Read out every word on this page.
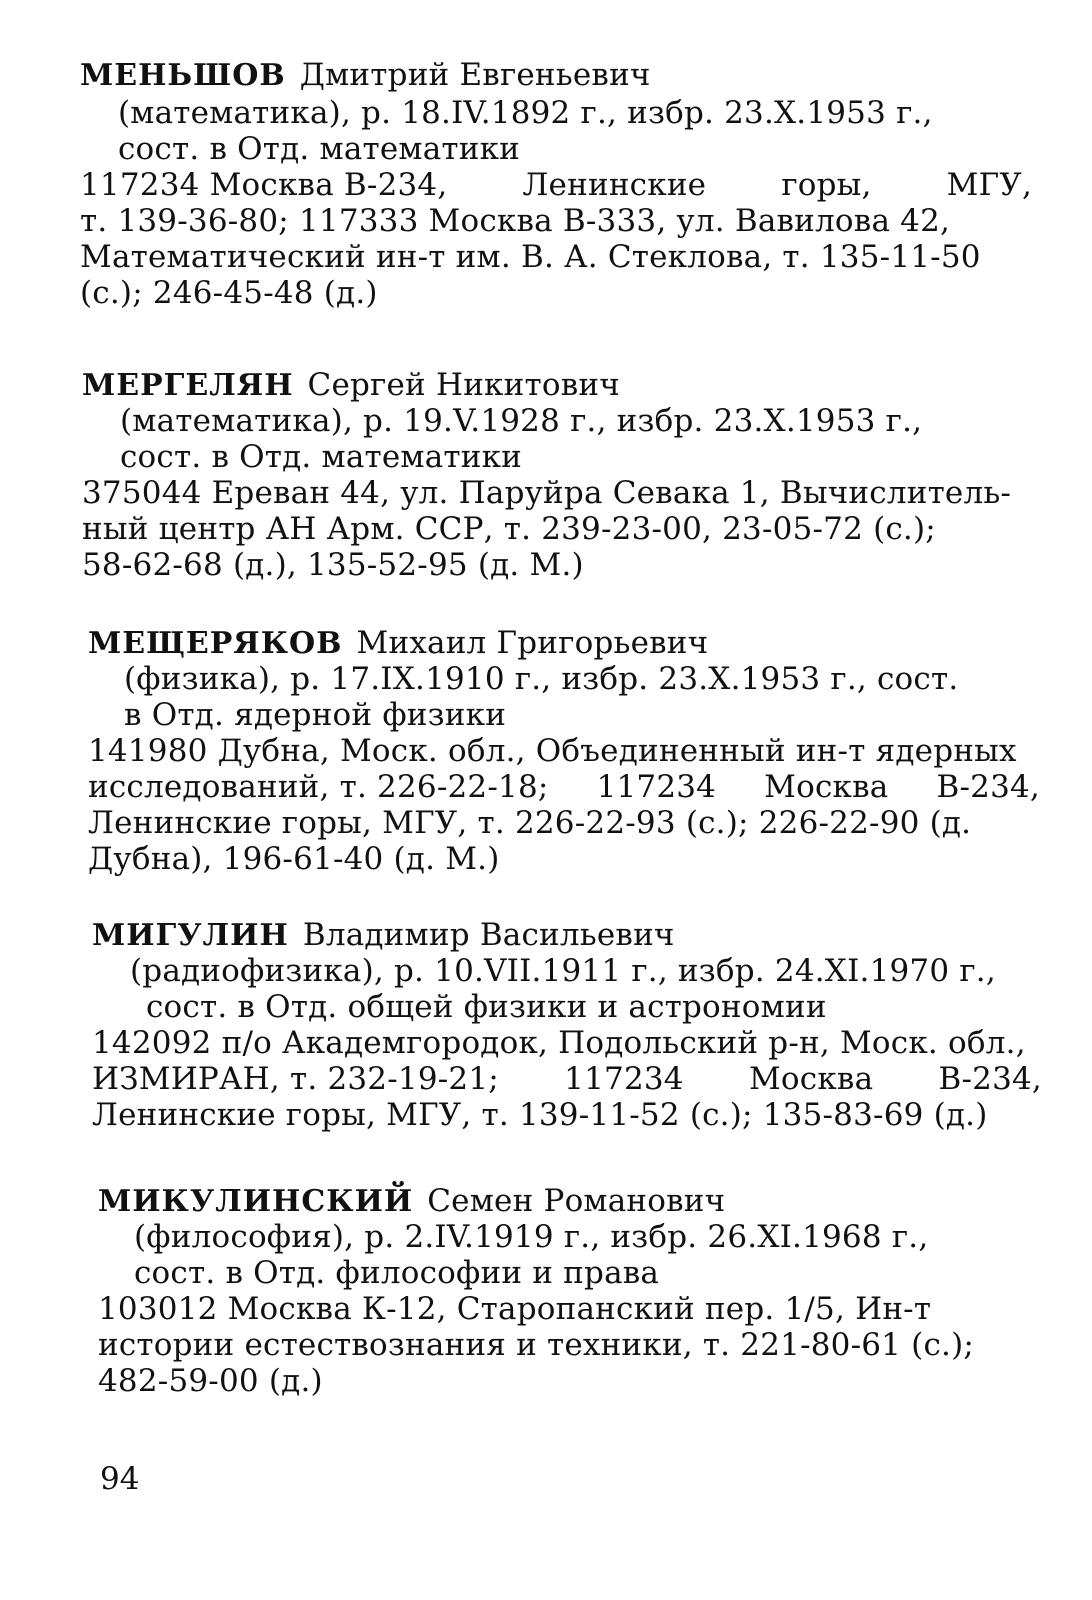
МЕНЬШОВ Дмитрий Евгеньевич
(математика), р. 18.IV.1892 г., избр. 23.X.1953 г.,
сост. в Отд. математики
117234 Москва В-234, Ленинские горы, МГУ,
т. 139-36-80; 117333 Москва В-333, ул. Вавилова 42,
Математический ин-т им. В. А. Стеклова, т. 135-11-50
(с.); 246-45-48 (д.)
МЕРГЕЛЯН Сергей Никитович
(математика), р. 19.V.1928 г., избр. 23.X.1953 г.,
сост. в Отд. математики
375044 Ереван 44, ул. Паруйра Севака 1, Вычислитель-
ный центр АН Арм. ССР, т. 239-23-00, 23-05-72 (с.);
58-62-68 (д.), 135-52-95 (д. М.)
МЕЩЕРЯКОВ Михаил Григорьевич
(физика), р. 17.IX.1910 г., избр. 23.X.1953 г., сост.
в Отд. ядерной физики
141980 Дубна, Моск. обл., Объединенный ин-т ядерных
исследований, т. 226-22-18; 117234 Москва В-234,
Ленинские горы, МГУ, т. 226-22-93 (с.); 226-22-90 (д.
Дубна), 196-61-40 (д. М.)
МИГУЛИН Владимир Васильевич
(радиофизика), р. 10.VII.1911 г., избр. 24.XI.1970 г.,
сост. в Отд. общей физики и астрономии
142092 п/о Академгородок, Подольский р-н, Моск. обл.,
ИЗМИРАН, т. 232-19-21; 117234 Москва В-234,
Ленинские горы, МГУ, т. 139-11-52 (с.); 135-83-69 (д.)
МИКУЛИНСКИЙ Семен Романович
(философия), р. 2.IV.1919 г., избр. 26.XI.1968 г.,
сост. в Отд. философии и права
103012 Москва К-12, Старопанский пер. 1/5, Ин-т
истории естествознания и техники, т. 221-80-61 (с.);
482-59-00 (д.)
94
